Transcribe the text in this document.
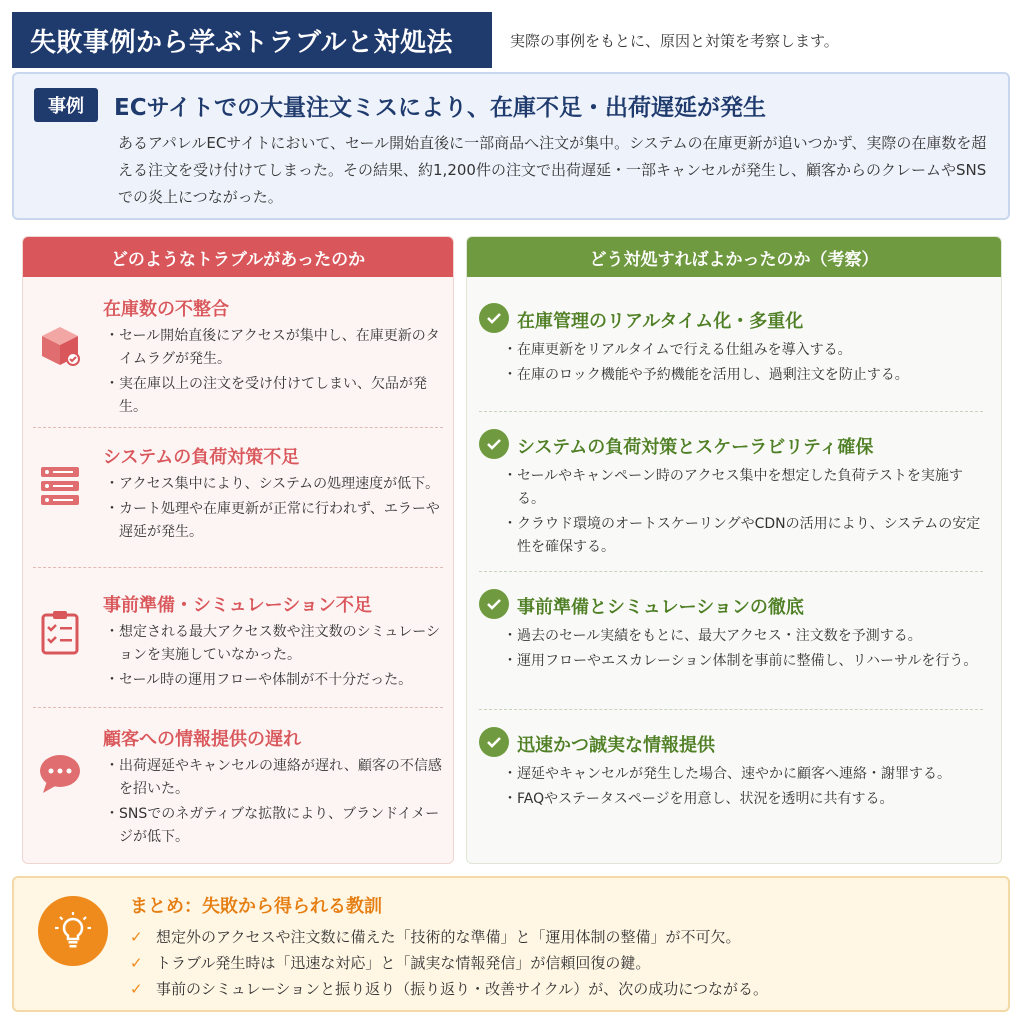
失敗事例から学ぶトラブルと対処法	実際の事例をもとに、原因と対策を考察します。
事例	ECサイトでの大量注文ミスにより、在庫不足・出荷遅延が発生
あるアパレルECサイトにおいて、セール開始直後に一部商品へ注文が集中。システムの在庫更新が追いつかず、実際の在庫数を超える注文を受け付けてしまった。その結果、約1,200件の注文で出荷遅延・一部キャンセルが発生し、顧客からのクレームやSNSでの炎上につながった。
どのようなトラブルがあったのか
在庫数の不整合
・ セール開始直後にアクセスが集中し、在庫更新のタイムラグが発生。
・ 実在庫以上の注文を受け付けてしまい、欠品が発生。
システムの負荷対策不足
・ アクセス集中により、システムの処理速度が低下。
・ カート処理や在庫更新が正常に行われず、エラーや遅延が発生。
事前準備・シミュレーション不足
・ 想定される最大アクセス数や注文数のシミュレーションを実施していなかった。
・ セール時の運用フローや体制が不十分だった。
顧客への情報提供の遅れ
・ 出荷遅延やキャンセルの連絡が遅れ、顧客の不信感を招いた。
・ SNSでのネガティブな拡散により、ブランドイメージが低下。
どう対処すればよかったのか（考察）
在庫管理のリアルタイム化・多重化
・ 在庫更新をリアルタイムで行える仕組みを導入する。
・ 在庫のロック機能や予約機能を活用し、過剰注文を防止する。
システムの負荷対策とスケーラビリティ確保
・ セールやキャンペーン時のアクセス集中を想定した負荷テストを実施する。
・ クラウド環境のオートスケーリングやCDNの活用により、システムの安定性を確保する。
事前準備とシミュレーションの徹底
・ 過去のセール実績をもとに、最大アクセス・注文数を予測する。
・ 運用フローやエスカレーション体制を事前に整備し、リハーサルを行う。
迅速かつ誠実な情報提供
・ 遅延やキャンセルが発生した場合、速やかに顧客へ連絡・謝罪する。
・ FAQやステータスページを用意し、状況を透明に共有する。
まとめ：失敗から得られる教訓
✓ 想定外のアクセスや注文数に備えた「技術的な準備」と「運用体制の整備」が不可欠。
✓ トラブル発生時は「迅速な対応」と「誠実な情報発信」が信頼回復の鍵。
✓ 事前のシミュレーションと振り返り（振り返り・改善サイクル）が、次の成功につながる。
